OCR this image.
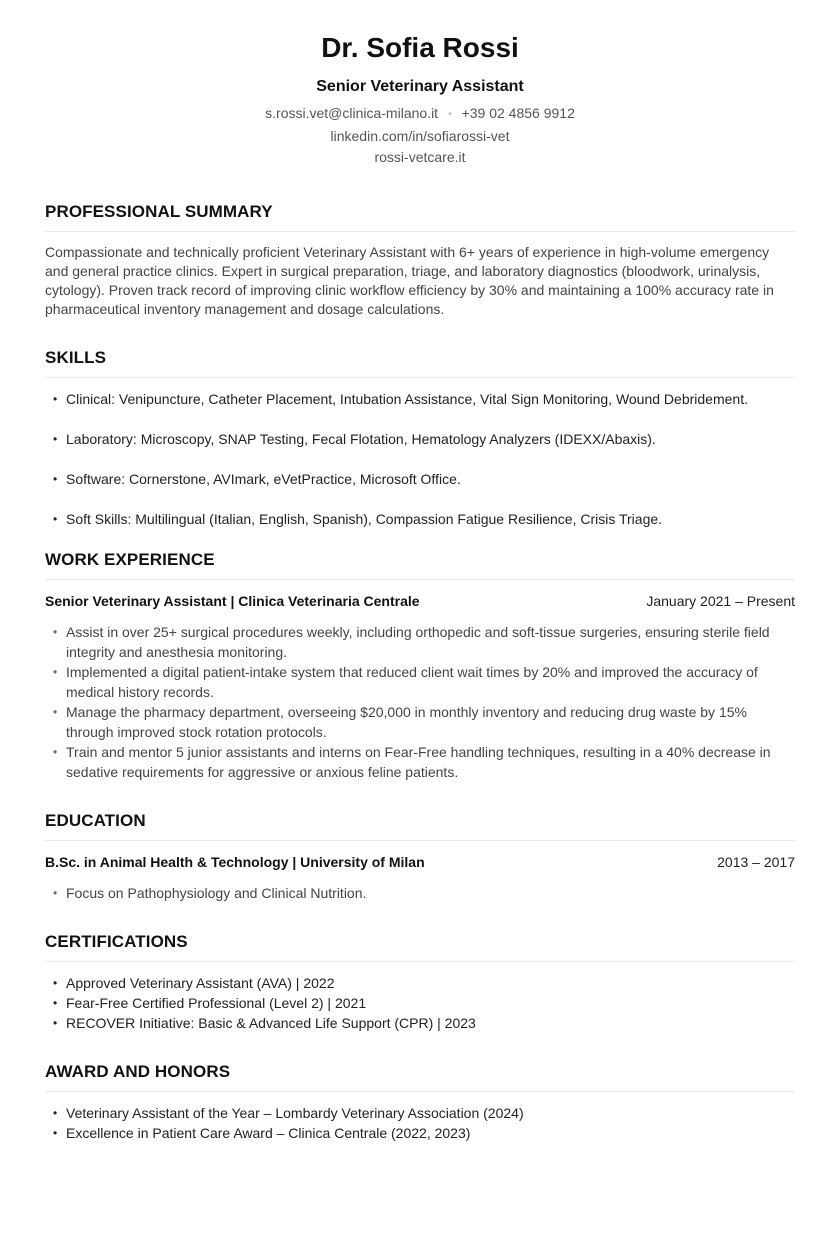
Dr. Sofia Rossi
Senior Veterinary Assistant
s.rossi.vet@clinica-milano.it • +39 02 4856 9912
linkedin.com/in/sofiarossi-vet
rossi-vetcare.it
PROFESSIONAL SUMMARY

Compassionate and technically proficient Veterinary Assistant with 6+ years of experience in high-volume emergency and general practice clinics. Expert in surgical preparation, triage, and laboratory diagnostics (bloodwork, urinalysis, cytology). Proven track record of improving clinic workflow efficiency by 30% and maintaining a 100% accuracy rate in pharmaceutical inventory management and dosage calculations.

SKILLS
• Clinical: Venipuncture, Catheter Placement, Intubation Assistance, Vital Sign Monitoring, Wound Debridement.
• Laboratory: Microscopy, SNAP Testing, Fecal Flotation, Hematology Analyzers (IDEXX/Abaxis).
• Software: Cornerstone, AVImark, eVetPractice, Microsoft Office.
• Soft Skills: Multilingual (Italian, English, Spanish), Compassion Fatigue Resilience, Crisis Triage.
WORK EXPERIENCE
Senior Veterinary Assistant | Clinica Veterinaria Centrale	January 2021 – Present
• Assist in over 25+ surgical procedures weekly, including orthopedic and soft-tissue surgeries, ensuring sterile field integrity and anesthesia monitoring.
• Implemented a digital patient-intake system that reduced client wait times by 20% and improved the accuracy of medical history records.
• Manage the pharmacy department, overseeing $20,000 in monthly inventory and reducing drug waste by 15% through improved stock rotation protocols.
• Train and mentor 5 junior assistants and interns on Fear-Free handling techniques, resulting in a 40% decrease in sedative requirements for aggressive or anxious feline patients.
EDUCATION
B.Sc. in Animal Health & Technology | University of Milan	2013 – 2017
• Focus on Pathophysiology and Clinical Nutrition.
CERTIFICATIONS
• Approved Veterinary Assistant (AVA) | 2022
• Fear-Free Certified Professional (Level 2) | 2021
• RECOVER Initiative: Basic & Advanced Life Support (CPR) | 2023
AWARD AND HONORS
• Veterinary Assistant of the Year – Lombardy Veterinary Association (2024)
• Excellence in Patient Care Award – Clinica Centrale (2022, 2023)
